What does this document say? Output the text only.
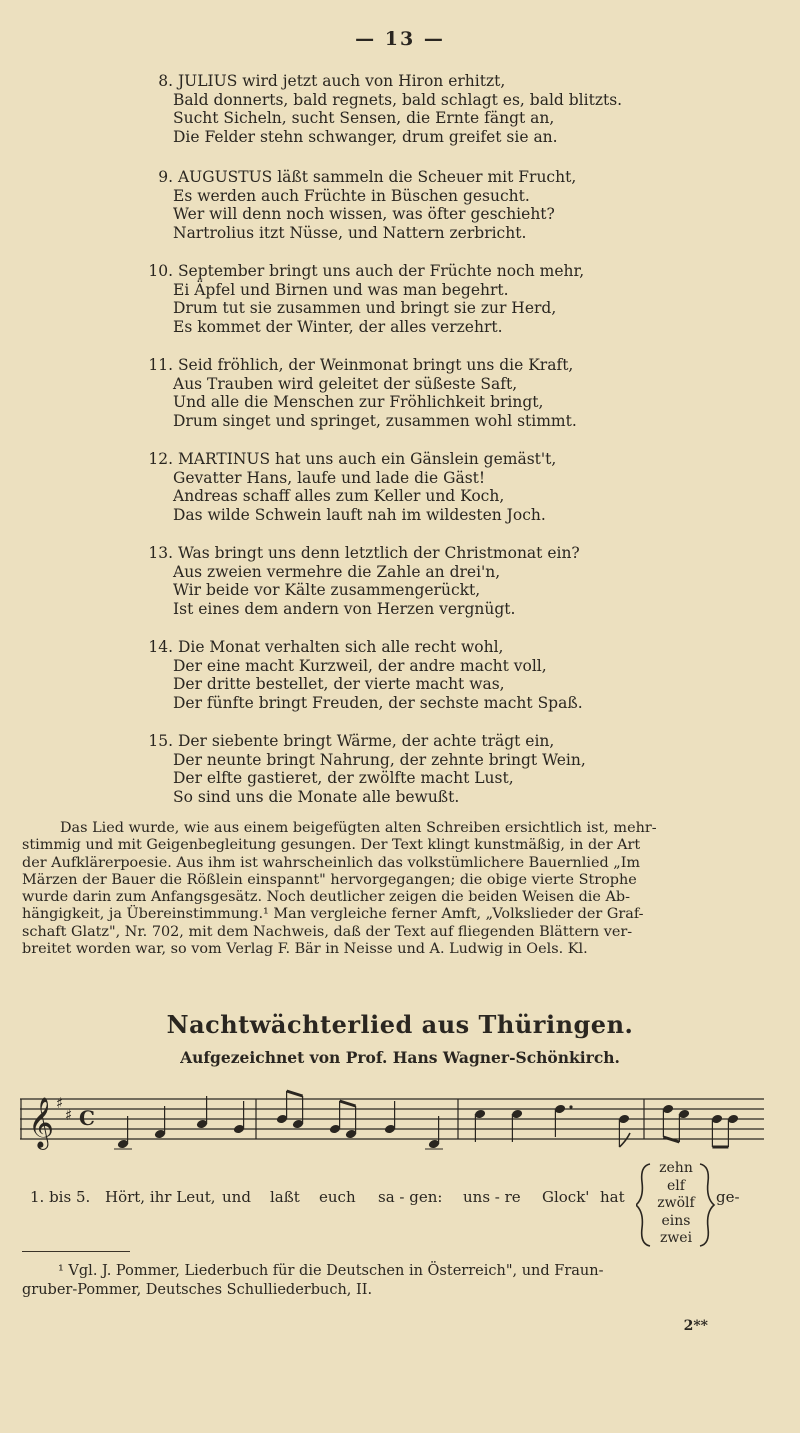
— 13 —
8. JULIUS wird jetzt auch von Hiron erhitzt,
Bald donnerts, bald regnets, bald schlagt es, bald blitzts.
Sucht Sicheln, sucht Sensen, die Ernte fängt an,
Die Felder stehn schwanger, drum greifet sie an.
9. AUGUSTUS läßt sammeln die Scheuer mit Frucht,
Es werden auch Früchte in Büschen gesucht.
Wer will denn noch wissen, was öfter geschieht?
Nartrolius itzt Nüsse, und Nattern zerbricht.
10. September bringt uns auch der Früchte noch mehr,
Ei Äpfel und Birnen und was man begehrt.
Drum tut sie zusammen und bringt sie zur Herd,
Es kommet der Winter, der alles verzehrt.
11. Seid fröhlich, der Weinmonat bringt uns die Kraft,
Aus Trauben wird geleitet der süßeste Saft,
Und alle die Menschen zur Fröhlichkeit bringt,
Drum singet und springet, zusammen wohl stimmt.
12. MARTINUS hat uns auch ein Gänslein gemäst't,
Gevatter Hans, laufe und lade die Gäst!
Andreas schaff alles zum Keller und Koch,
Das wilde Schwein lauft nah im wildesten Joch.
13. Was bringt uns denn letztlich der Christmonat ein?
Aus zweien vermehre die Zahle an drei'n,
Wir beide vor Kälte zusammengerückt,
Ist eines dem andern von Herzen vergnügt.
14. Die Monat verhalten sich alle recht wohl,
Der eine macht Kurzweil, der andre macht voll,
Der dritte bestellet, der vierte macht was,
Der fünfte bringt Freuden, der sechste macht Spaß.
15. Der siebente bringt Wärme, der achte trägt ein,
Der neunte bringt Nahrung, der zehnte bringt Wein,
Der elfte gastieret, der zwölfte macht Lust,
So sind uns die Monate alle bewußt.
Das Lied wurde, wie aus einem beigefügten alten Schreiben ersichtlich ist, mehr-
stimmig und mit Geigenbegleitung gesungen. Der Text klingt kunstmäßig, in der Art
der Aufklärerpoesie. Aus ihm ist wahrscheinlich das volkstümlichere Bauernlied „Im
Märzen der Bauer die Rößlein einspannt" hervorgegangen; die obige vierte Strophe
wurde darin zum Anfangsgesätz. Noch deutlicher zeigen die beiden Weisen die Ab-
hängigkeit, ja Übereinstimmung.¹ Man vergleiche ferner Amft, „Volkslieder der Graf-
schaft Glatz", Nr. 702, mit dem Nachweis, daß der Text auf fliegenden Blättern ver-
breitet worden war, so vom Verlag F. Bär in Neisse und A. Ludwig in Oels. Kl.
Nachtwächterlied aus Thüringen.
Aufgezeichnet von Prof. Hans Wagner-Schönkirch.
𝄞 ♯
♯ C
1. bis 5. Hört, ihr Leut, und laßt euch sa - gen: uns - re Glock' hat	ge-
zehn
elf
zwölf
eins
zwei
¹ Vgl. J. Pommer, Liederbuch für die Deutschen in Österreich", und Fraun-
gruber-Pommer, Deutsches Schulliederbuch, II.
2**
